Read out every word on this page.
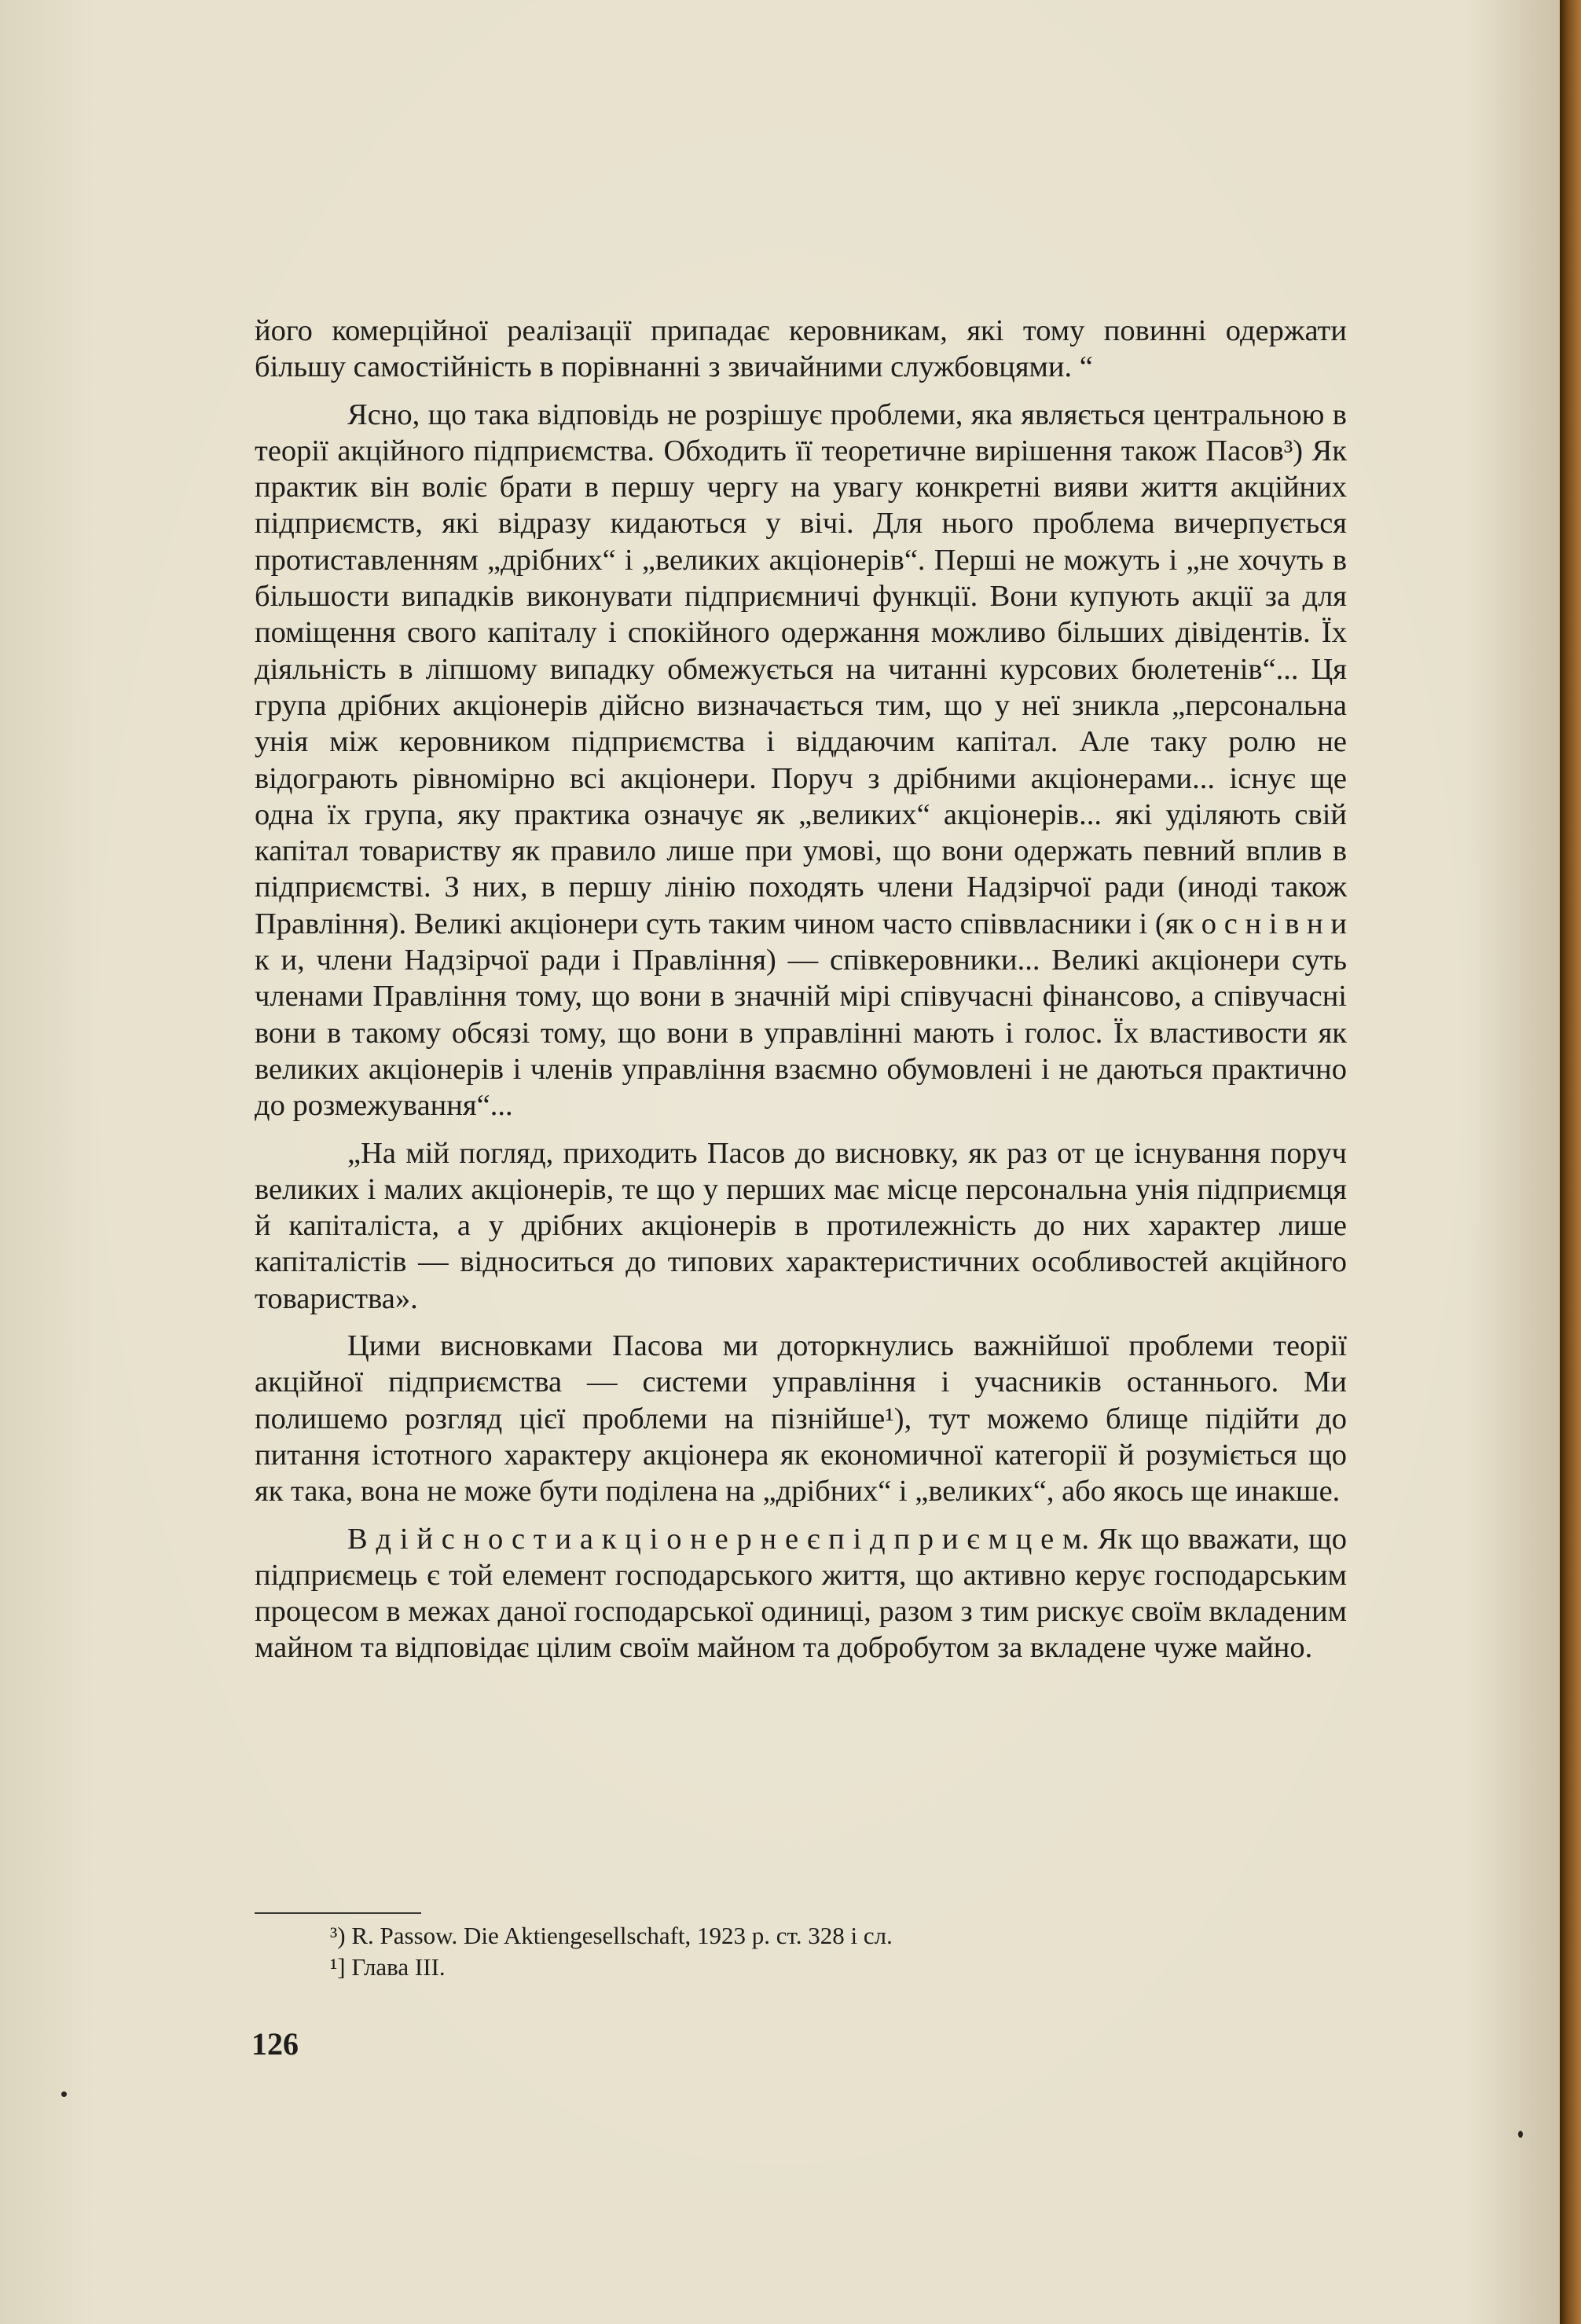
його комерційної реалізації припадає керовникам, які тому повинні одержати більшу самостійність в порівнанні з звичайними службовцями. “

Ясно, що така відповідь не розрішує проблеми, яка являється центральною в теорії акційного підприємства. Обходить її теоретичне вирішення також Пасов³) Як практик він воліє брати в першу чергу на увагу конкретні вияви життя акційних підприємств, які відразу кидаються у вічі. Для нього проблема вичерпується протиставленням „дрібних“ і „великих акціонерів“. Перші не можуть і „не хочуть в більшости випадків виконувати підприємничі функції. Вони купують акції за для поміщення свого капіталу і спокійного одержання можливо більших дівідентів. Їх діяльність в ліпшому випадку обмежується на читанні курсових бюлетенів“... Ця група дрібних акціонерів дійсно визначається тим, що у неї зникла „персональна унія між керовником підприємства і віддаючим капітал. Але таку ролю не відограють рівномірно всі акціонери. Поруч з дрібними акціонерами... існує ще одна їх група, яку практика означує як „великих“ акціонерів... які уділяють свій капітал товариству як правило лише при умові, що вони одержать певний вплив в підприємстві. З них, в першу лінію походять члени Надзірчої ради (иноді також Правління). Великі акціонери суть таким чином часто співвласники і (як о с н і в н и к и, члени Надзірчої ради і Правління) — співкеровники... Великі акціонери суть членами Правління тому, що вони в значній мірі співучасні фінансово, а співучасні вони в такому обсязі тому, що вони в управлінні мають і голос. Їх властивости як великих акціонерів і членів управління взаємно обумовлені і не даються практично до розмежування“...

„На мій погляд, приходить Пасов до висновку, як раз от це існування поруч великих і малих акціонерів, те що у перших має місце персональна унія підприємця й капіталіста, а у дрібних акціонерів в протилежність до них характер лише капіталістів — відноситься до типових характеристичних особливостей акційного товариства».

Цими висновками Пасова ми доторкнулись важнійшої проблеми теорії акційної підприємства — системи управління і учасників останнього. Ми полишемо розгляд цієї проблеми на пізнійше¹), тут можемо блище підійти до питання істотного характеру акціонера як економичної категорії й розуміється що як така, вона не може бути поділена на „дрібних“ і „великих“, або якось ще инакше.

В д і й с н о с т и а к ц і о н е р н е є п і д п р и є м ц е м. Як що вважати, що підприємець є той елемент господарського життя, що активно керує господарським процесом в межах даної господарської одиниці, разом з тим рискує своїм вкладеним майном та відповідає цілим своїм майном та добробутом за вкладене чуже майно.

³) R. Passow. Die Aktiengesellschaft, 1923 р. ст. 328 і сл.

¹] Глава III.

126
